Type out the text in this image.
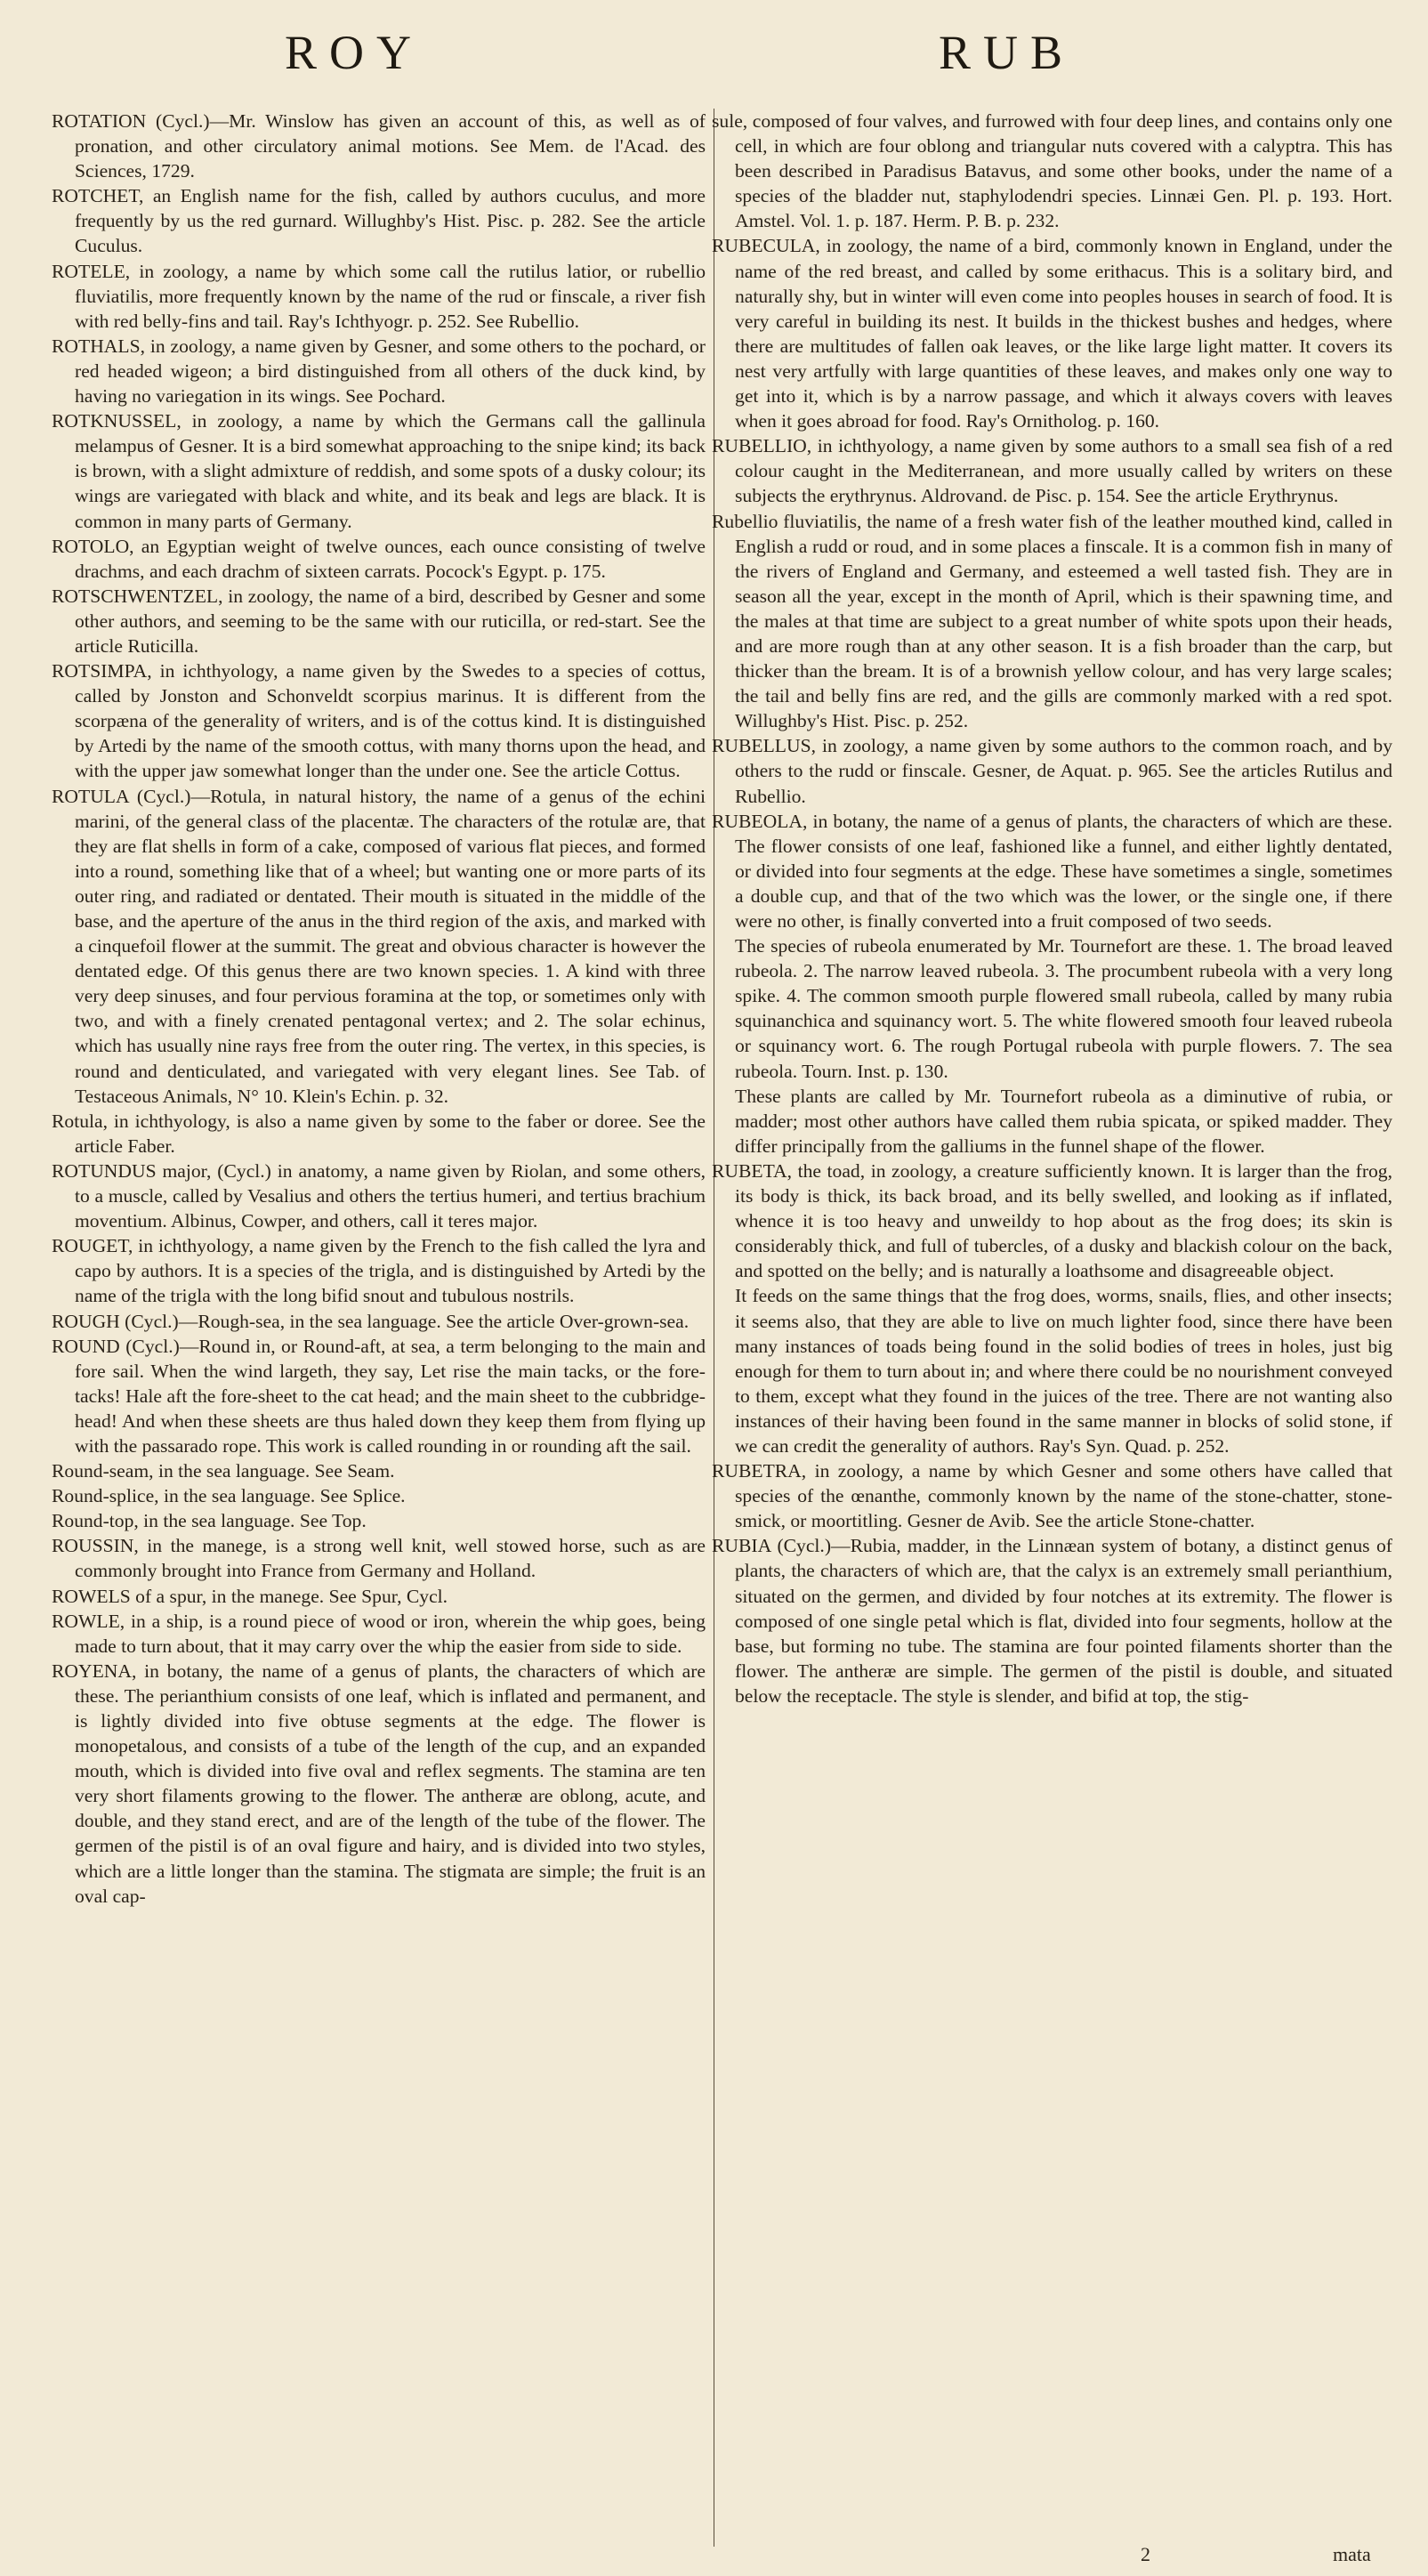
ROY	RUB

ROTATION (Cycl.)—Mr. Winslow has given an account of this, as well as of pronation, and other circulatory animal motions. See Mem. de l'Acad. des Sciences, 1729.

ROTCHET, an English name for the fish, called by authors cuculus, and more frequently by us the red gurnard. Willughby's Hist. Pisc. p. 282. See the article Cuculus.

ROTELE, in zoology, a name by which some call the rutilus latior, or rubellio fluviatilis, more frequently known by the name of the rud or finscale, a river fish with red belly-fins and tail. Ray's Ichthyogr. p. 252. See Rubellio.

ROTHALS, in zoology, a name given by Gesner, and some others to the pochard, or red headed wigeon; a bird distinguished from all others of the duck kind, by having no variegation in its wings. See Pochard.

ROTKNUSSEL, in zoology, a name by which the Germans call the gallinula melampus of Gesner. It is a bird somewhat approaching to the snipe kind; its back is brown, with a slight admixture of reddish, and some spots of a dusky colour; its wings are variegated with black and white, and its beak and legs are black. It is common in many parts of Germany.

ROTOLO, an Egyptian weight of twelve ounces, each ounce consisting of twelve drachms, and each drachm of sixteen carrats. Pocock's Egypt. p. 175.

ROTSCHWENTZEL, in zoology, the name of a bird, described by Gesner and some other authors, and seeming to be the same with our ruticilla, or red-start. See the article Ruticilla.

ROTSIMPA, in ichthyology, a name given by the Swedes to a species of cottus, called by Jonston and Schonveldt scorpius marinus. It is different from the scorpæna of the generality of writers, and is of the cottus kind. It is distinguished by Artedi by the name of the smooth cottus, with many thorns upon the head, and with the upper jaw somewhat longer than the under one. See the article Cottus.

ROTULA (Cycl.)—Rotula, in natural history, the name of a genus of the echini marini, of the general class of the placentæ. The characters of the rotulæ are, that they are flat shells in form of a cake, composed of various flat pieces, and formed into a round, something like that of a wheel; but wanting one or more parts of its outer ring, and radiated or dentated. Their mouth is situated in the middle of the base, and the aperture of the anus in the third region of the axis, and marked with a cinquefoil flower at the summit. The great and obvious character is however the dentated edge. Of this genus there are two known species. 1. A kind with three very deep sinuses, and four pervious foramina at the top, or sometimes only with two, and with a finely crenated pentagonal vertex; and 2. The solar echinus, which has usually nine rays free from the outer ring. The vertex, in this species, is round and denticulated, and variegated with very elegant lines. See Tab. of Testaceous Animals, N° 10. Klein's Echin. p. 32.

Rotula, in ichthyology, is also a name given by some to the faber or doree. See the article Faber.

ROTUNDUS major, (Cycl.) in anatomy, a name given by Riolan, and some others, to a muscle, called by Vesalius and others the tertius humeri, and tertius brachium moventium. Albinus, Cowper, and others, call it teres major.

ROUGET, in ichthyology, a name given by the French to the fish called the lyra and capo by authors. It is a species of the trigla, and is distinguished by Artedi by the name of the trigla with the long bifid snout and tubulous nostrils.

ROUGH (Cycl.)—Rough-sea, in the sea language. See the article Over-grown-sea.

ROUND (Cycl.)—Round in, or Round-aft, at sea, a term belonging to the main and fore sail. When the wind largeth, they say, Let rise the main tacks, or the fore-tacks! Hale aft the fore-sheet to the cat head; and the main sheet to the cubbridge-head! And when these sheets are thus haled down they keep them from flying up with the passarado rope. This work is called rounding in or rounding aft the sail.

Round-seam, in the sea language. See Seam.

Round-splice, in the sea language. See Splice.

Round-top, in the sea language. See Top.

ROUSSIN, in the manege, is a strong well knit, well stowed horse, such as are commonly brought into France from Germany and Holland.

ROWELS of a spur, in the manege. See Spur, Cycl.

ROWLE, in a ship, is a round piece of wood or iron, wherein the whip goes, being made to turn about, that it may carry over the whip the easier from side to side.

ROYENA, in botany, the name of a genus of plants, the characters of which are these. The perianthium consists of one leaf, which is inflated and permanent, and is lightly divided into five obtuse segments at the edge. The flower is monopetalous, and consists of a tube of the length of the cup, and an expanded mouth, which is divided into five oval and reflex segments. The stamina are ten very short filaments growing to the flower. The antheræ are oblong, acute, and double, and they stand erect, and are of the length of the tube of the flower. The germen of the pistil is of an oval figure and hairy, and is divided into two styles, which are a little longer than the stamina. The stigmata are simple; the fruit is an oval cap-

sule, composed of four valves, and furrowed with four deep lines, and contains only one cell, in which are four oblong and triangular nuts covered with a calyptra. This has been described in Paradisus Batavus, and some other books, under the name of a species of the bladder nut, staphylodendri species. Linnæi Gen. Pl. p. 193. Hort. Amstel. Vol. 1. p. 187. Herm. P. B. p. 232.

RUBECULA, in zoology, the name of a bird, commonly known in England, under the name of the red breast, and called by some erithacus. This is a solitary bird, and naturally shy, but in winter will even come into peoples houses in search of food. It is very careful in building its nest. It builds in the thickest bushes and hedges, where there are multitudes of fallen oak leaves, or the like large light matter. It covers its nest very artfully with large quantities of these leaves, and makes only one way to get into it, which is by a narrow passage, and which it always covers with leaves when it goes abroad for food. Ray's Ornitholog. p. 160.

RUBELLIO, in ichthyology, a name given by some authors to a small sea fish of a red colour caught in the Mediterranean, and more usually called by writers on these subjects the erythrynus. Aldrovand. de Pisc. p. 154. See the article Erythrynus.

Rubellio fluviatilis, the name of a fresh water fish of the leather mouthed kind, called in English a rudd or roud, and in some places a finscale. It is a common fish in many of the rivers of England and Germany, and esteemed a well tasted fish. They are in season all the year, except in the month of April, which is their spawning time, and the males at that time are subject to a great number of white spots upon their heads, and are more rough than at any other season. It is a fish broader than the carp, but thicker than the bream. It is of a brownish yellow colour, and has very large scales; the tail and belly fins are red, and the gills are commonly marked with a red spot. Willughby's Hist. Pisc. p. 252.

RUBELLUS, in zoology, a name given by some authors to the common roach, and by others to the rudd or finscale. Gesner, de Aquat. p. 965. See the articles Rutilus and Rubellio.

RUBEOLA, in botany, the name of a genus of plants, the characters of which are these. The flower consists of one leaf, fashioned like a funnel, and either lightly dentated, or divided into four segments at the edge. These have sometimes a single, sometimes a double cup, and that of the two which was the lower, or the single one, if there were no other, is finally converted into a fruit composed of two seeds.

The species of rubeola enumerated by Mr. Tournefort are these. 1. The broad leaved rubeola. 2. The narrow leaved rubeola. 3. The procumbent rubeola with a very long spike. 4. The common smooth purple flowered small rubeola, called by many rubia squinanchica and squinancy wort. 5. The white flowered smooth four leaved rubeola or squinancy wort. 6. The rough Portugal rubeola with purple flowers. 7. The sea rubeola. Tourn. Inst. p. 130.

These plants are called by Mr. Tournefort rubeola as a diminutive of rubia, or madder; most other authors have called them rubia spicata, or spiked madder. They differ principally from the galliums in the funnel shape of the flower.

RUBETA, the toad, in zoology, a creature sufficiently known. It is larger than the frog, its body is thick, its back broad, and its belly swelled, and looking as if inflated, whence it is too heavy and unweildy to hop about as the frog does; its skin is considerably thick, and full of tubercles, of a dusky and blackish colour on the back, and spotted on the belly; and is naturally a loathsome and disagreeable object.

It feeds on the same things that the frog does, worms, snails, flies, and other insects; it seems also, that they are able to live on much lighter food, since there have been many instances of toads being found in the solid bodies of trees in holes, just big enough for them to turn about in; and where there could be no nourishment conveyed to them, except what they found in the juices of the tree. There are not wanting also instances of their having been found in the same manner in blocks of solid stone, if we can credit the generality of authors. Ray's Syn. Quad. p. 252.

RUBETRA, in zoology, a name by which Gesner and some others have called that species of the œnanthe, commonly known by the name of the stone-chatter, stone-smick, or moortitling. Gesner de Avib. See the article Stone-chatter.

RUBIA (Cycl.)—Rubia, madder, in the Linnæan system of botany, a distinct genus of plants, the characters of which are, that the calyx is an extremely small perianthium, situated on the germen, and divided by four notches at its extremity. The flower is composed of one single petal which is flat, divided into four segments, hollow at the base, but forming no tube. The stamina are four pointed filaments shorter than the flower. The antheræ are simple. The germen of the pistil is double, and situated below the receptacle. The style is slender, and bifid at top, the stig-

2	mata
